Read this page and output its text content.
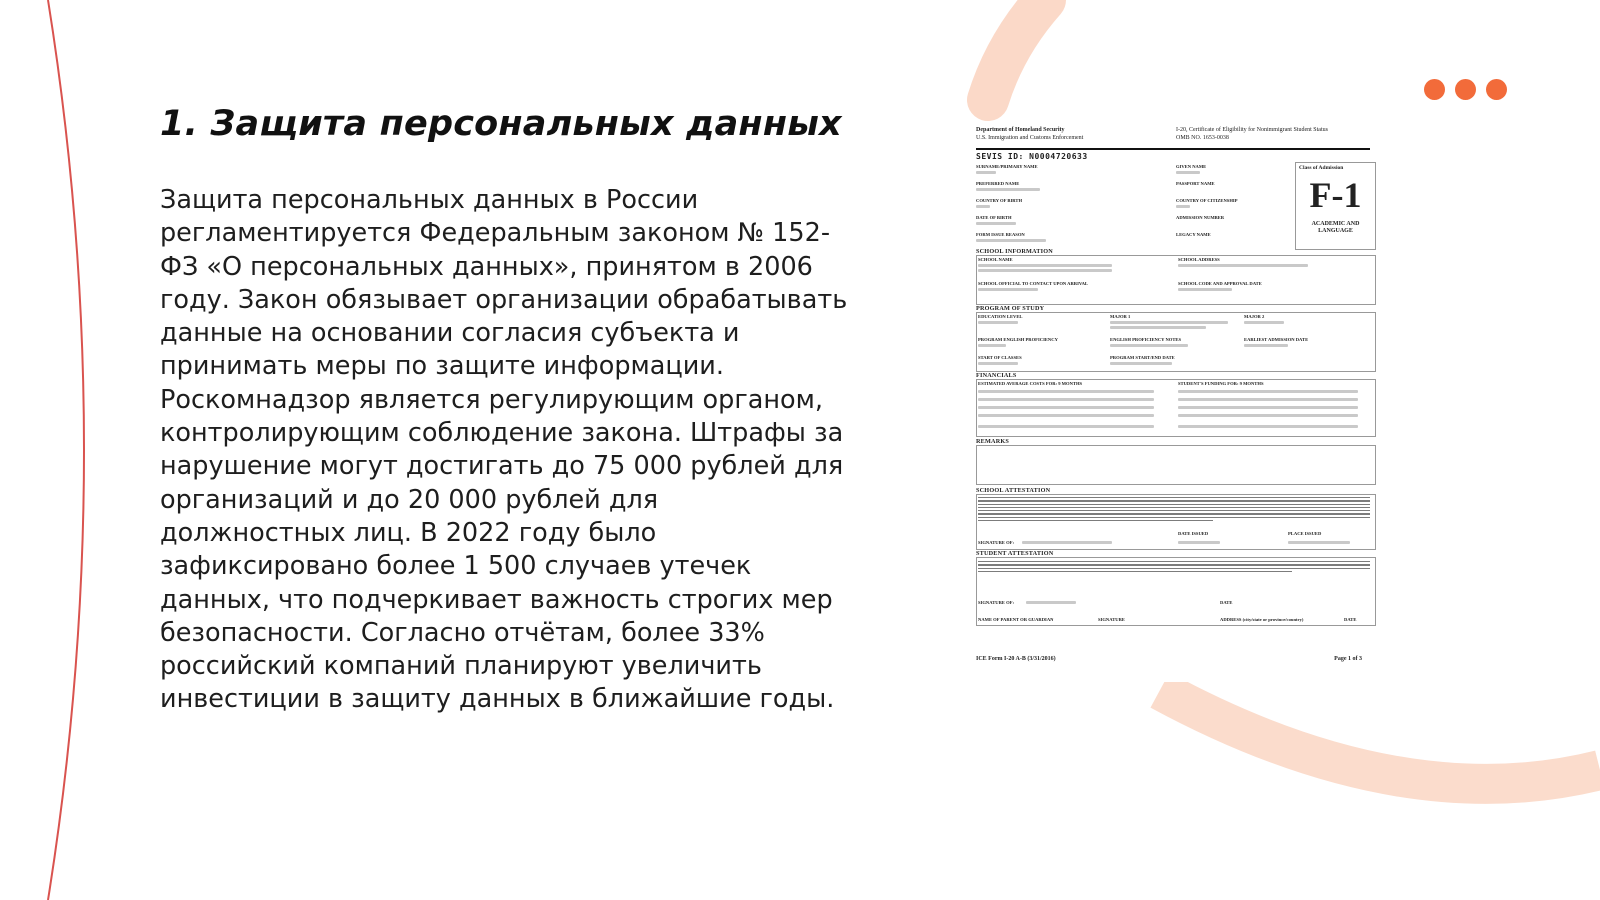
1. Защита персональных данных

Защита персональных данных в России регламентируется Федеральным законом № 152-ФЗ «О персональных данных», принятом в 2006 году. Закон обязывает организации обрабатывать данные на основании согласия субъекта и принимать меры по защите информации. Роскомнадзор является регулирующим органом, контролирующим соблюдение закона. Штрафы за нарушение могут достигать до 75 000 рублей для организаций и до 20 000 рублей для должностных лиц. В 2022 году было зафиксировано более 1 500 случаев утечек данных, что подчеркивает важность строгих мер безопасности. Согласно отчётам, более 33% российский компаний планируют увеличить инвестиции в защиту данных в ближайшие годы.

Department of Homeland Security
U.S. Immigration and Customs Enforcement
I-20, Certificate of Eligibility for Nonimmigrant Student Status
OMB NO. 1653-0038
SEVIS ID: N0004720633
SURNAME/PRIMARY NAME	GIVEN NAME
PREFERRED NAME	PASSPORT NAME
COUNTRY OF BIRTH	COUNTRY OF CITIZENSHIP
DATE OF BIRTH	ADMISSION NUMBER
FORM ISSUE REASON	LEGACY NAME
Class of Admission
F-1
ACADEMIC AND LANGUAGE
SCHOOL INFORMATION
SCHOOL NAME	SCHOOL ADDRESS
SCHOOL OFFICIAL TO CONTACT UPON ARRIVAL	SCHOOL CODE AND APPROVAL DATE
PROGRAM OF STUDY
EDUCATION LEVEL	MAJOR 1	MAJOR 2
PROGRAM ENGLISH PROFICIENCY	ENGLISH PROFICIENCY NOTES	EARLIEST ADMISSION DATE
START OF CLASSES	PROGRAM START/END DATE
FINANCIALS
ESTIMATED AVERAGE COSTS FOR: 9 MONTHS	STUDENT'S FUNDING FOR: 9 MONTHS
REMARKS
SCHOOL ATTESTATION
SIGNATURE OF:
DATE ISSUED	PLACE ISSUED
STUDENT ATTESTATION
SIGNATURE OF:	DATE
NAME OF PARENT OR GUARDIAN	SIGNATURE	ADDRESS (city/state or province/country)	DATE
ICE Form I-20 A-B (3/31/2016)	Page 1 of 3
